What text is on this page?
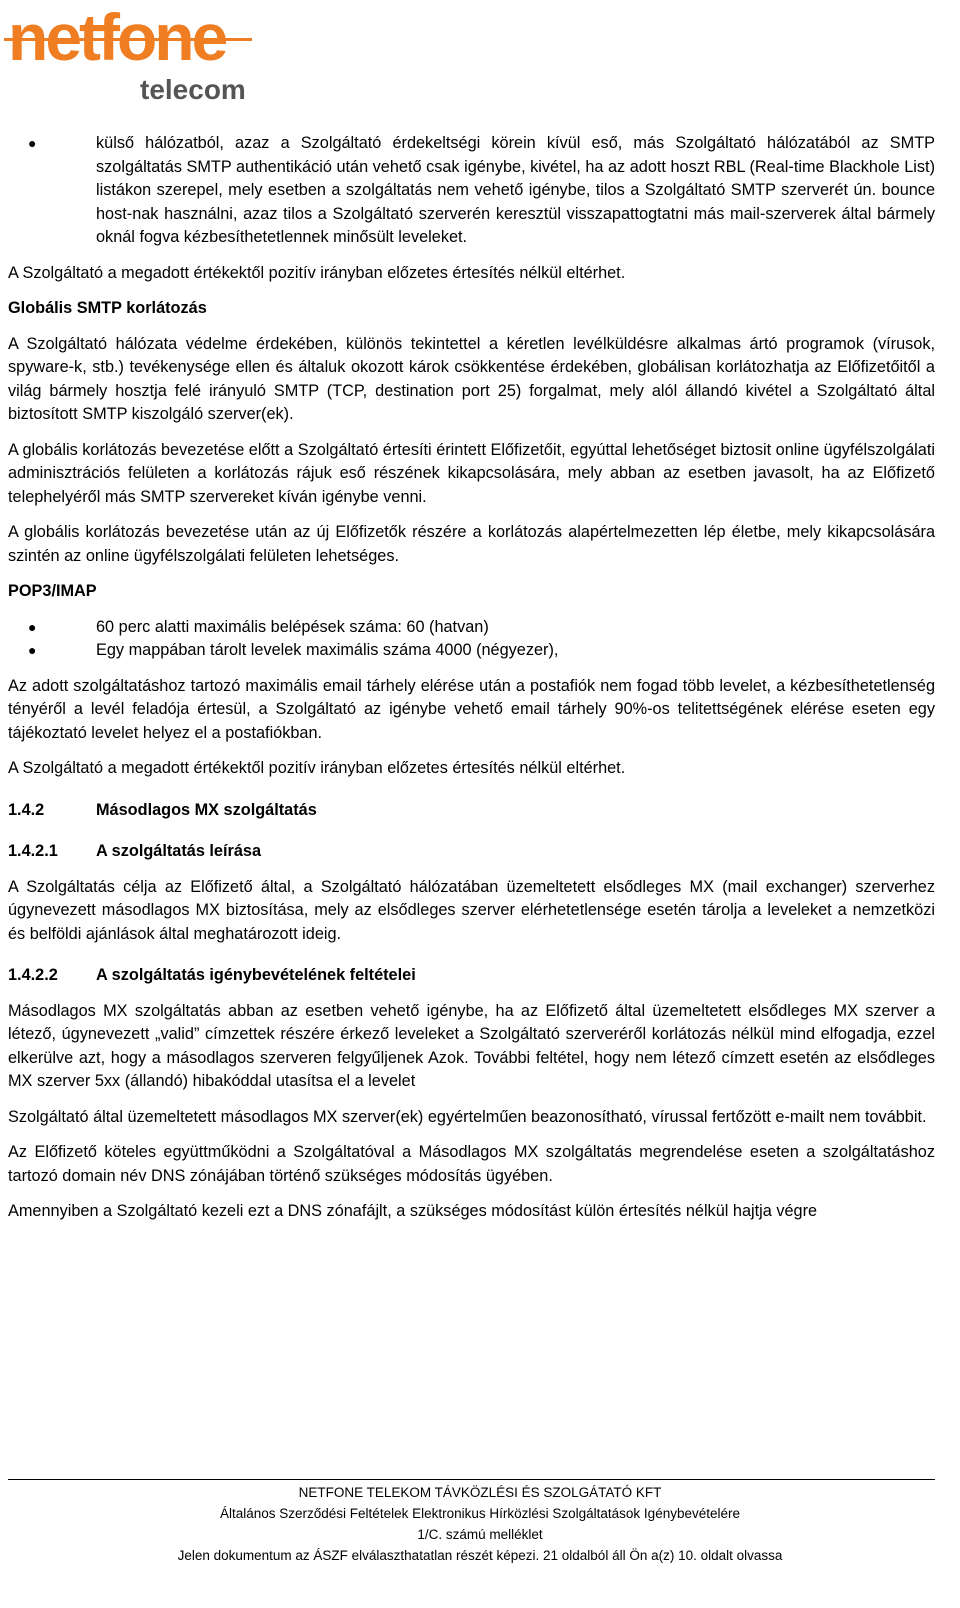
netfone
telecom
●	külső hálózatból, azaz a Szolgáltató érdekeltségi körein kívül eső, más Szolgáltató hálózatából az SMTP szolgáltatás SMTP authentikáció után vehető csak igénybe, kivétel, ha az adott hoszt RBL (Real-time Blackhole List) listákon szerepel, mely esetben a szolgáltatás nem vehető igénybe, tilos a Szolgáltató SMTP szerverét ún. bounce host-nak használni, azaz tilos a Szolgáltató szerverén keresztül visszapattogtatni más mail-szerverek által bármely oknál fogva kézbesíthetetlennek minősült leveleket.

A Szolgáltató a megadott értékektől pozitív irányban előzetes értesítés nélkül eltérhet.

Globális SMTP korlátozás

A Szolgáltató hálózata védelme érdekében, különös tekintettel a kéretlen levélküldésre alkalmas ártó programok (vírusok, spyware-k, stb.) tevékenysége ellen és általuk okozott károk csökkentése érdekében, globálisan korlátozhatja az Előfizetőitől a világ bármely hosztja felé irányuló SMTP (TCP, destination port 25) forgalmat, mely alól állandó kivétel a Szolgáltató által biztosított SMTP kiszolgáló szerver(ek).

A globális korlátozás bevezetése előtt a Szolgáltató értesíti érintett Előfizetőit, egyúttal lehetőséget biztosit online ügyfélszolgálati adminisztrációs felületen a korlátozás rájuk eső részének kikapcsolására, mely abban az esetben javasolt, ha az Előfizető telephelyéről más SMTP szervereket kíván igénybe venni.

A globális korlátozás bevezetése után az új Előfizetők részére a korlátozás alapértelmezetten lép életbe, mely kikapcsolására szintén az online ügyfélszolgálati felületen lehetséges.

POP3/IMAP
●	60 perc alatti maximális belépések száma: 60 (hatvan)
●	Egy mappában tárolt levelek maximális száma 4000 (négyezer),

Az adott szolgáltatáshoz tartozó maximális email tárhely elérése után a postafiók nem fogad több levelet, a kézbesíthetetlenség tényéről a levél feladója értesül, a Szolgáltató az igénybe vehető email tárhely 90%-os telitettségének elérése eseten egy tájékoztató levelet helyez el a postafiókban.

A Szolgáltató a megadott értékektől pozitív irányban előzetes értesítés nélkül eltérhet.

1.4.2	Másodlagos MX szolgáltatás
1.4.2.1 A szolgáltatás leírása

A Szolgáltatás célja az Előfizető által, a Szolgáltató hálózatában üzemeltetett elsődleges MX (mail exchanger) szerverhez úgynevezett másodlagos MX biztosítása, mely az elsődleges szerver elérhetetlensége esetén tárolja a leveleket a nemzetközi és belföldi ajánlások által meghatározott ideig.

1.4.2.2 A szolgáltatás igénybevételének feltételei

Másodlagos MX szolgáltatás abban az esetben vehető igénybe, ha az Előfizető által üzemeltetett elsődleges MX szerver a létező, úgynevezett „valid” címzettek részére érkező leveleket a Szolgáltató szerveréről korlátozás nélkül mind elfogadja, ezzel elkerülve azt, hogy a másodlagos szerveren felgyűljenek Azok. További feltétel, hogy nem létező címzett esetén az elsődleges MX szerver 5xx (állandó) hibakóddal utasítsa el a levelet

Szolgáltató által üzemeltetett másodlagos MX szerver(ek) egyértelműen beazonosítható, vírussal fertőzött e-mailt nem továbbit.

Az Előfizető köteles együttműködni a Szolgáltatóval a Másodlagos MX szolgáltatás megrendelése eseten a szolgáltatáshoz tartozó domain név DNS zónájában történő szükséges módosítás ügyében.

Amennyiben a Szolgáltató kezeli ezt a DNS zónafájlt, a szükséges módosítást külön értesítés nélkül hajtja végre

NETFONE TELEKOM TÁVKÖZLÉSI ÉS SZOLGÁTATÓ KFT
Általános Szerződési Feltételek Elektronikus Hírközlési Szolgáltatások Igénybevételére
1/C. számú melléklet
Jelen dokumentum az ÁSZF elválaszthatatlan részét képezi. 21 oldalból áll Ön a(z) 10. oldalt olvassa
